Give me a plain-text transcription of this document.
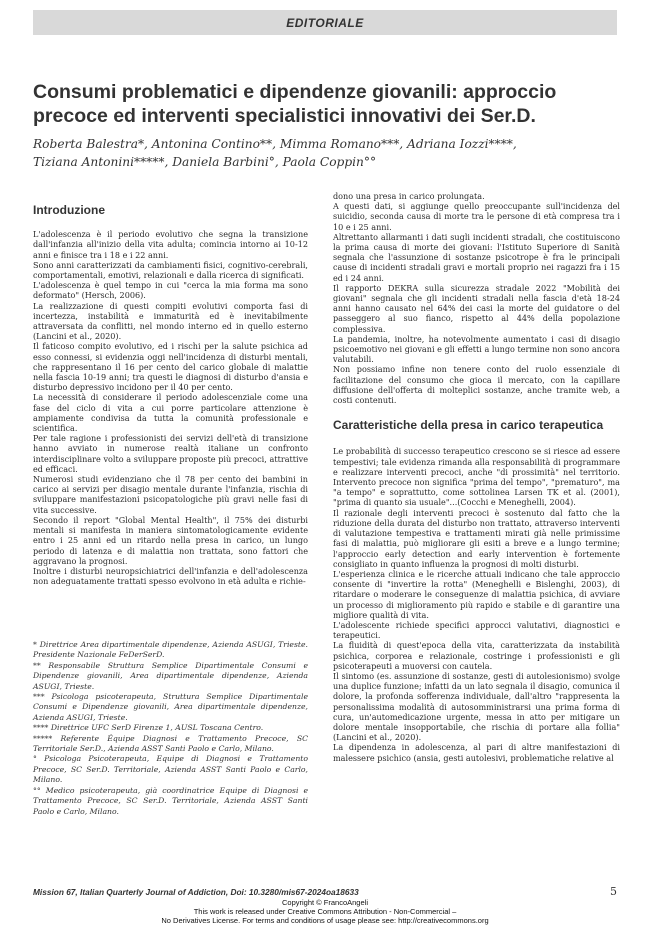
EDITORIALE
Consumi problematici e dipendenze giovanili: approccio precoce ed interventi specialistici innovativi dei Ser.D.
Roberta Balestra*, Antonina Contino**, Mimma Romano***, Adriana Iozzi****,
Tiziana Antonini*****, Daniela Barbini°, Paola Coppin°°
Introduzione

L'adolescenza è il periodo evolutivo che segna la transizione dall'infanzia all'inizio della vita adulta; comincia intorno ai 10-12 anni e finisce tra i 18 e i 22 anni.

Sono anni caratterizzati da cambiamenti fisici, cognitivo-cerebrali, comportamentali, emotivi, relazionali e dalla ricerca di significati.

L'adolescenza è quel tempo in cui "cerca la mia forma ma sono deformato" (Hersch, 2006).

La realizzazione di questi compiti evolutivi comporta fasi di incertezza, instabilità e immaturità ed è inevitabilmente attraversata da conflitti, nel mondo interno ed in quello esterno (Lancini et al., 2020).

Il faticoso compito evolutivo, ed i rischi per la salute psichica ad esso connessi, si evidenzia oggi nell'incidenza di disturbi mentali, che rappresentano il 16 per cento del carico globale di malattie nella fascia 10-19 anni; tra questi le diagnosi di disturbo d'ansia e disturbo depressivo incidono per il 40 per cento.

La necessità di considerare il periodo adolescenziale come una fase del ciclo di vita a cui porre particolare attenzione è ampiamente condivisa da tutta la comunità professionale e scientifica.

Per tale ragione i professionisti dei servizi dell'età di transizione hanno avviato in numerose realtà italiane un confronto interdisciplinare volto a sviluppare proposte più precoci, attrattive ed efficaci.

Numerosi studi evidenziano che il 78 per cento dei bambini in carico ai servizi per disagio mentale durante l'infanzia, rischia di sviluppare manifestazioni psicopatologiche più gravi nelle fasi di vita successive.

Secondo il report "Global Mental Health", il 75% dei disturbi mentali si manifesta in maniera sintomatologicamente evidente entro i 25 anni ed un ritardo nella presa in carico, un lungo periodo di latenza e di malattia non trattata, sono fattori che aggravano la prognosi.

Inoltre i disturbi neuropsichiatrici dell'infanzia e dell'adolescenza non adeguatamente trattati spesso evolvono in età adulta e richie-

* Direttrice Area dipartimentale dipendenze, Azienda ASUGI, Trieste. Presidente Nazionale FeDerSerD.

** Responsabile Struttura Semplice Dipartimentale Consumi e Dipendenze giovanili, Area dipartimentale dipendenze, Azienda ASUGI, Trieste.

*** Psicologa psicoterapeuta, Struttura Semplice Dipartimentale Consumi e Dipendenze giovanili, Area dipartimentale dipendenze, Azienda ASUGI, Trieste.

**** Direttrice UFC SerD Firenze 1, AUSL Toscana Centro.

***** Referente Équipe Diagnosi e Trattamento Precoce, SC Territoriale Ser.D., Azienda ASST Santi Paolo e Carlo, Milano.

° Psicologa Psicoterapeuta, Equipe di Diagnosi e Trattamento Precoce, SC Ser.D. Territoriale, Azienda ASST Santi Paolo e Carlo, Milano.

°° Medico psicoterapeuta, già coordinatrice Equipe di Diagnosi e Trattamento Precoce, SC Ser.D. Territoriale, Azienda ASST Santi Paolo e Carlo, Milano.

dono una presa in carico prolungata.

A questi dati, si aggiunge quello preoccupante sull'incidenza del suicidio, seconda causa di morte tra le persone di età compresa tra i 10 e i 25 anni.

Altrettanto allarmanti i dati sugli incidenti stradali, che costituiscono la prima causa di morte dei giovani: l'Istituto Superiore di Sanità segnala che l'assunzione di sostanze psicotrope è fra le principali cause di incidenti stradali gravi e mortali proprio nei ragazzi fra i 15 ed i 24 anni.

Il rapporto DEKRA sulla sicurezza stradale 2022 "Mobilità dei giovani" segnala che gli incidenti stradali nella fascia d'età 18-24 anni hanno causato nel 64% dei casi la morte del guidatore o del passeggero al suo fianco, rispetto al 44% della popolazione complessiva.

La pandemia, inoltre, ha notevolmente aumentato i casi di disagio psicoemotivo nei giovani e gli effetti a lungo termine non sono ancora valutabili.

Non possiamo infine non tenere conto del ruolo essenziale di facilitazione del consumo che gioca il mercato, con la capillare diffusione dell'offerta di molteplici sostanze, anche tramite web, a costi contenuti.

Caratteristiche della presa in carico terapeutica

Le probabilità di successo terapeutico crescono se si riesce ad essere tempestivi; tale evidenza rimanda alla responsabilità di programmare e realizzare interventi precoci, anche "di prossimità" nel territorio. Intervento precoce non significa "prima del tempo", "prematuro", ma "a tempo" e soprattutto, come sottolinea Larsen TK et al. (2001), "prima di quanto sia usuale"...(Cocchi e Meneghelli, 2004).

Il razionale degli interventi precoci è sostenuto dal fatto che la riduzione della durata del disturbo non trattato, attraverso interventi di valutazione tempestiva e trattamenti mirati già nelle primissime fasi di malattia, può migliorare gli esiti a breve e a lungo termine; l'approccio early detection and early intervention è fortemente consigliato in quanto influenza la prognosi di molti disturbi.

L'esperienza clinica e le ricerche attuali indicano che tale approccio consente di "invertire la rotta" (Meneghelli e Bislenghi, 2003), di ritardare o moderare le conseguenze di malattia psichica, di avviare un processo di miglioramento più rapido e stabile e di garantire una migliore qualità di vita.

L'adolescente richiede specifici approcci valutativi, diagnostici e terapeutici.

La fluidità di quest'epoca della vita, caratterizzata da instabilità psichica, corporea e relazionale, costringe i professionisti e gli psicoterapeuti a muoversi con cautela.

Il sintomo (es. assunzione di sostanze, gesti di autolesionismo) svolge una duplice funzione; infatti da un lato segnala il disagio, comunica il dolore, la profonda sofferenza individuale, dall'altro "rappresenta la personalissima modalità di autosomministrarsi una prima forma di cura, un'automedicazione urgente, messa in atto per mitigare un dolore mentale insopportabile, che rischia di portare alla follia" (Lancini et al., 2020).

La dipendenza in adolescenza, al pari di altre manifestazioni di malessere psichico (ansia, gesti autolesivi, problematiche relative al

Mission 67, Italian Quarterly Journal of Addiction, Doi: 10.3280/mis67-2024oa18633	5
Copyright © FrancoAngeli
This work is released under Creative Commons Attribution - Non-Commercial –
No Derivatives License. For terms and conditions of usage please see: http://creativecommons.org
